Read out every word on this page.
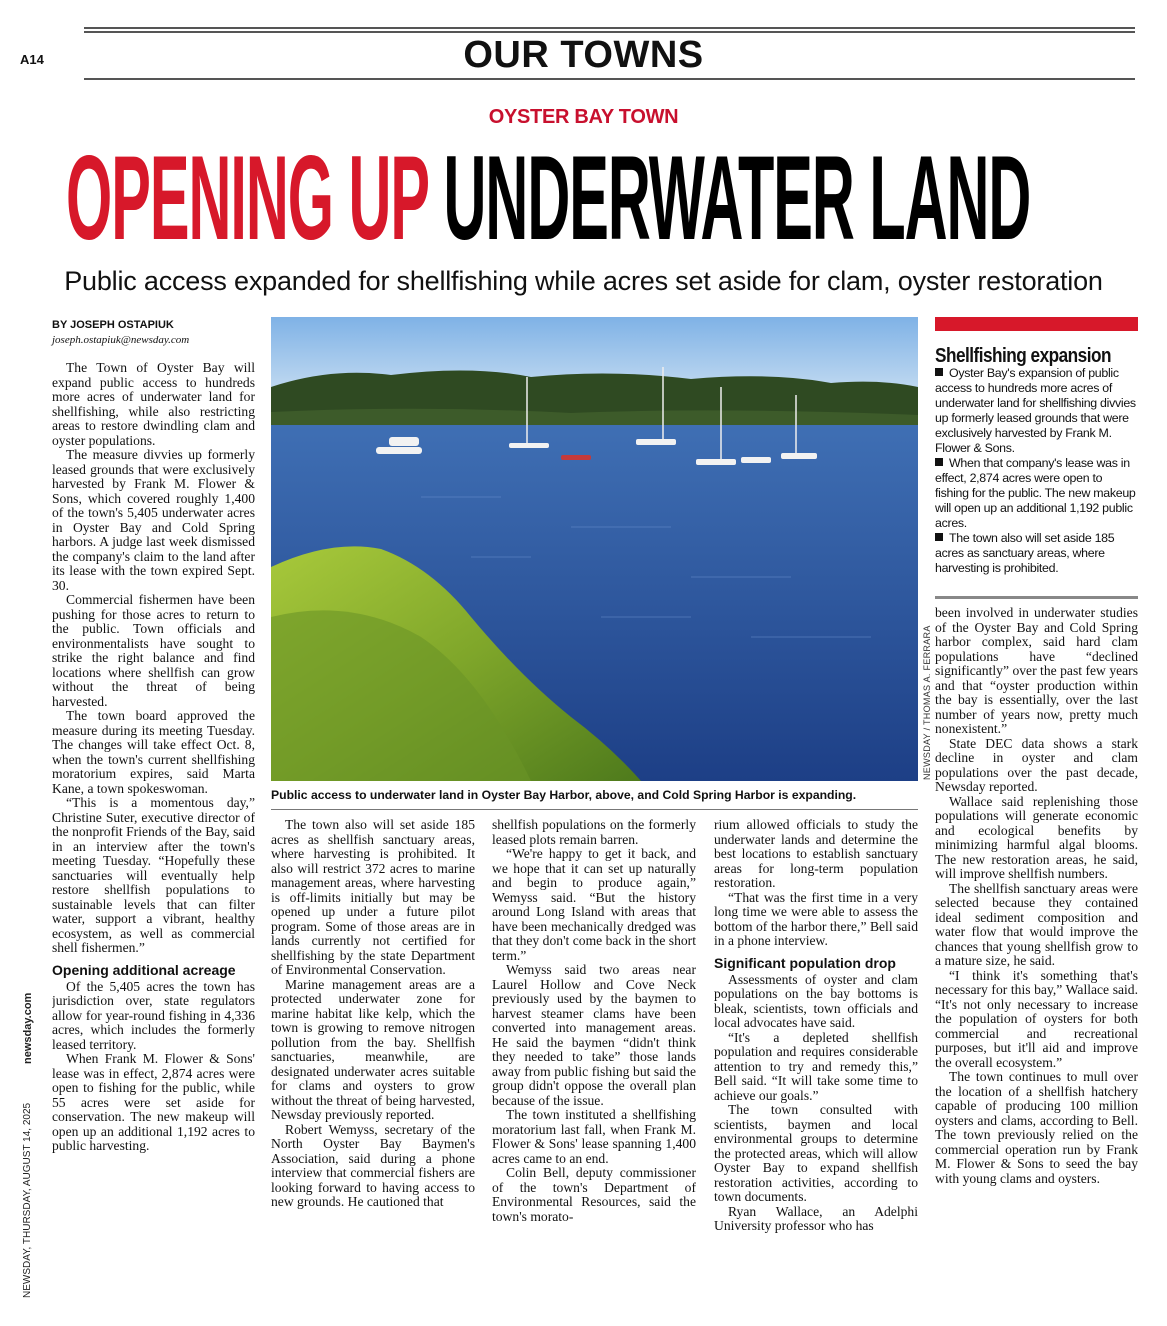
A14	OUR TOWNS
OYSTER BAY TOWN
OPENING UP UNDERWATER LAND
Public access expanded for shellfishing while acres set aside for clam, oyster restoration
BY JOSEPH OSTAPIUK
joseph.ostapiuk@newsday.com
newsday.com
NEWSDAY, THURSDAY, AUGUST 14, 2025

The Town of Oyster Bay will expand public access to hundreds more acres of underwater land for shellfishing, while also restricting areas to restore dwindling clam and oyster populations.

The measure divvies up formerly leased grounds that were exclusively harvested by Frank M. Flower & Sons, which covered roughly 1,400 of the town's 5,405 underwater acres in Oyster Bay and Cold Spring harbors. A judge last week dismissed the company's claim to the land after its lease with the town expired Sept. 30.

Commercial fishermen have been pushing for those acres to return to the public. Town officials and environmentalists have sought to strike the right balance and find locations where shellfish can grow without the threat of being harvested.

The town board approved the measure during its meeting Tuesday. The changes will take effect Oct. 8, when the town's current shellfishing moratorium expires, said Marta Kane, a town spokeswoman.

“This is a momentous day,” Christine Suter, executive director of the nonprofit Friends of the Bay, said in an interview after the town's meeting Tuesday. “Hopefully these sanctuaries will eventually help restore shellfish populations to sustainable levels that can filter water, support a vibrant, healthy ecosystem, as well as commercial shell fishermen.”

Opening additional acreage

Of the 5,405 acres the town has jurisdiction over, state regulators allow for year-round fishing in 4,336 acres, which includes the formerly leased territory.

When Frank M. Flower & Sons' lease was in effect, 2,874 acres were open to fishing for the public, while 55 acres were set aside for conservation. The new makeup will open up an additional 1,192 acres to public harvesting.

NEWSDAY / THOMAS A. FERRARA
Public access to underwater land in Oyster Bay Harbor, above, and Cold Spring Harbor is expanding.
Shellfishing expansion
Oyster Bay's expansion of public access to hundreds more acres of underwater land for shellfishing divvies up formerly leased grounds that were exclusively harvested by Frank M. Flower & Sons.
When that company's lease was in effect, 2,874 acres were open to fishing for the public. The new makeup will open up an additional 1,192 public acres.
The town also will set aside 185 acres as sanctuary areas, where harvesting is prohibited.

The town also will set aside 185 acres as shellfish sanctuary areas, where harvesting is prohibited. It also will restrict 372 acres to marine management areas, where harvesting is off-limits initially but may be opened up under a future pilot program. Some of those areas are in lands currently not certified for shellfishing by the state Department of Environmental Conservation.

Marine management areas are a protected underwater zone for marine habitat like kelp, which the town is growing to remove nitrogen pollution from the bay. Shellfish sanctuaries, meanwhile, are designated underwater acres suitable for clams and oysters to grow without the threat of being harvested, Newsday previously reported.

Robert Wemyss, secretary of the North Oyster Bay Baymen's Association, said during a phone interview that commercial fishers are looking forward to having access to new grounds. He cautioned that

shellfish populations on the formerly leased plots remain barren.

“We're happy to get it back, and we hope that it can set up naturally and begin to produce again,” Wemyss said. “But the history around Long Island with areas that have been mechanically dredged was that they don't come back in the short term.”

Wemyss said two areas near Laurel Hollow and Cove Neck previously used by the baymen to harvest steamer clams have been converted into management areas. He said the baymen “didn't think they needed to take” those lands away from public fishing but said the group didn't oppose the overall plan because of the issue.

The town instituted a shellfishing moratorium last fall, when Frank M. Flower & Sons' lease spanning 1,400 acres came to an end.

Colin Bell, deputy commissioner of the town's Department of Environmental Resources, said the town's morato-

rium allowed officials to study the underwater lands and determine the best locations to establish sanctuary areas for long-term population restoration.

“That was the first time in a very long time we were able to assess the bottom of the harbor there,” Bell said in a phone interview.

Significant population drop

Assessments of oyster and clam populations on the bay bottoms is bleak, scientists, town officials and local advocates have said.

“It's a depleted shellfish population and requires considerable attention to try and remedy this,” Bell said. “It will take some time to achieve our goals.”

The town consulted with scientists, baymen and local environmental groups to determine the protected areas, which will allow Oyster Bay to expand shellfish restoration activities, according to town documents.

Ryan Wallace, an Adelphi University professor who has

been involved in underwater studies of the Oyster Bay and Cold Spring harbor complex, said hard clam populations have “declined significantly” over the past few years and that “oyster production within the bay is essentially, over the last number of years now, pretty much nonexistent.”

State DEC data shows a stark decline in oyster and clam populations over the past decade, Newsday reported.

Wallace said replenishing those populations will generate economic and ecological benefits by minimizing harmful algal blooms. The new restoration areas, he said, will improve shellfish numbers.

The shellfish sanctuary areas were selected because they contained ideal sediment composition and water flow that would improve the chances that young shellfish grow to a mature size, he said.

“I think it's something that's necessary for this bay,” Wallace said. “It's not only necessary to increase the population of oysters for both commercial and recreational purposes, but it'll aid and improve the overall ecosystem.”

The town continues to mull over the location of a shellfish hatchery capable of producing 100 million oysters and clams, according to Bell. The town previously relied on the commercial operation run by Frank M. Flower & Sons to seed the bay with young clams and oysters.
